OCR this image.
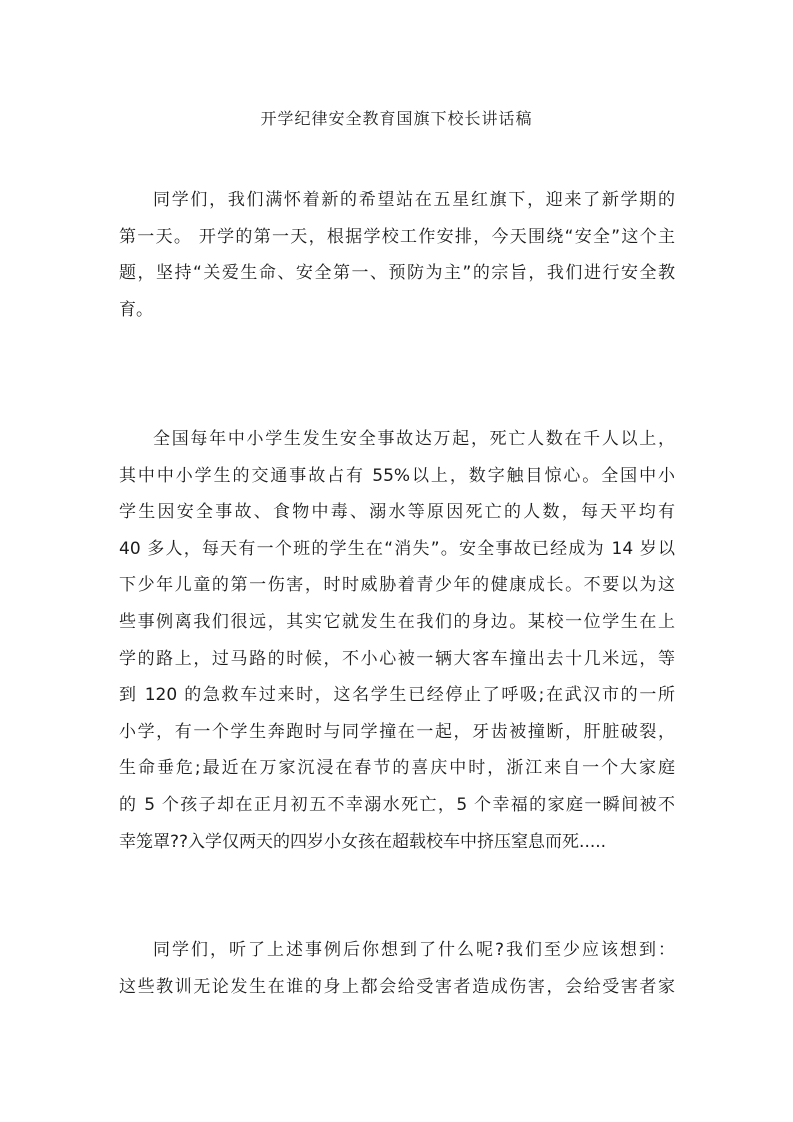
开学纪律安全教育国旗下校长讲话稿
同学们，我们满怀着新的希望站在五星红旗下，迎来了新学期的
第一天。 开学的第一天，根据学校工作安排，今天围绕“安全”这个主
题，坚持“关爱生命、安全第一、预防为主”的宗旨，我们进行安全教
育。
全国每年中小学生发生安全事故达万起，死亡人数在千人以上，
其中中小学生的交通事故占有 55%以上，数字触目惊心。全国中小
学生因安全事故、食物中毒、溺水等原因死亡的人数，每天平均有
40 多人，每天有一个班的学生在“消失”。安全事故已经成为 14 岁以
下少年儿童的第一伤害，时时威胁着青少年的健康成长。不要以为这
些事例离我们很远，其实它就发生在我们的身边。某校一位学生在上
学的路上，过马路的时候，不小心被一辆大客车撞出去十几米远，等
到 120 的急救车过来时，这名学生已经停止了呼吸;在武汉市的一所
小学，有一个学生奔跑时与同学撞在一起，牙齿被撞断，肝脏破裂，
生命垂危;最近在万家沉浸在春节的喜庆中时，浙江来自一个大家庭
的 5 个孩子却在正月初五不幸溺水死亡，5 个幸福的家庭一瞬间被不
幸笼罩??入学仅两天的四岁小女孩在超载校车中挤压窒息而死.....
同学们，听了上述事例后你想到了什么呢?我们至少应该想到：
这些教训无论发生在谁的身上都会给受害者造成伤害，会给受害者家
